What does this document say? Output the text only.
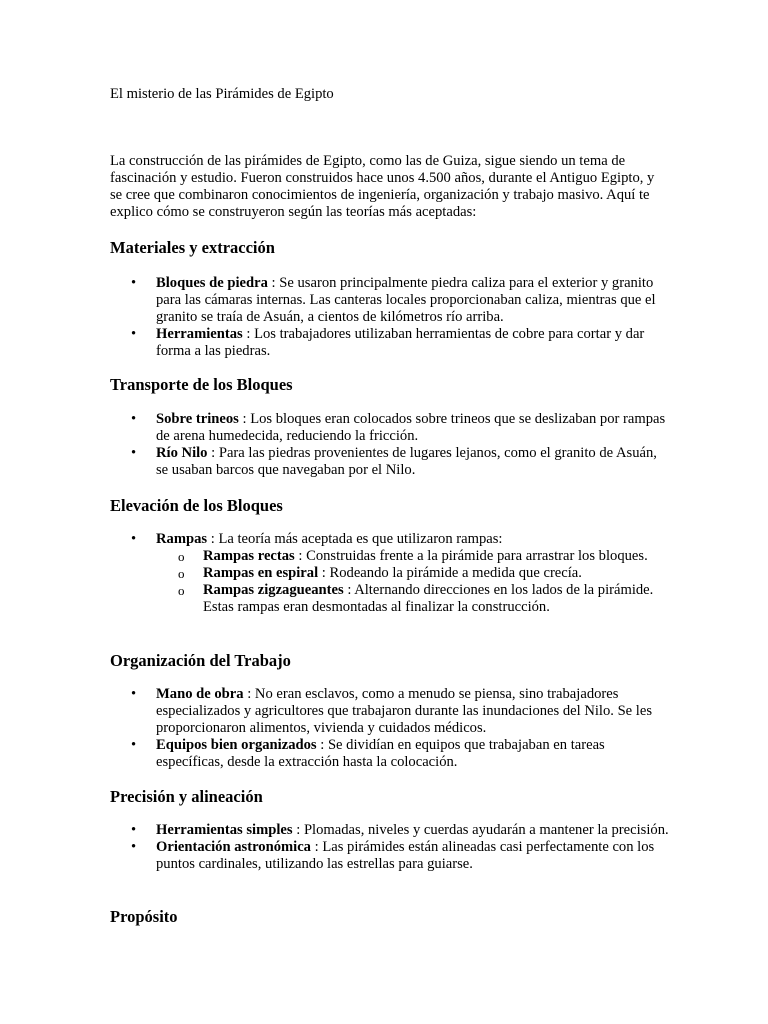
El misterio de las Pirámides de Egipto
La construcción de las pirámides de Egipto, como las de Guiza, sigue siendo un tema de fascinación y estudio. Fueron construidos hace unos 4.500 años, durante el Antiguo Egipto, y se cree que combinaron conocimientos de ingeniería, organización y trabajo masivo. Aquí te explico cómo se construyeron según las teorías más aceptadas:
Materiales y extracción
• Bloques de piedra : Se usaron principalmente piedra caliza para el exterior y granito para las cámaras internas. Las canteras locales proporcionaban caliza, mientras que el granito se traía de Asuán, a cientos de kilómetros río arriba.
• Herramientas : Los trabajadores utilizaban herramientas de cobre para cortar y dar forma a las piedras.
Transporte de los Bloques
• Sobre trineos : Los bloques eran colocados sobre trineos que se deslizaban por rampas de arena humedecida, reduciendo la fricción.
• Río Nilo : Para las piedras provenientes de lugares lejanos, como el granito de Asuán, se usaban barcos que navegaban por el Nilo.
Elevación de los Bloques
• Rampas : La teoría más aceptada es que utilizaron rampas:
o Rampas rectas : Construidas frente a la pirámide para arrastrar los bloques.
o Rampas en espiral : Rodeando la pirámide a medida que crecía.
o Rampas zigzagueantes : Alternando direcciones en los lados de la pirámide. Estas rampas eran desmontadas al finalizar la construcción.
Organización del Trabajo
• Mano de obra : No eran esclavos, como a menudo se piensa, sino trabajadores especializados y agricultores que trabajaron durante las inundaciones del Nilo. Se les proporcionaron alimentos, vivienda y cuidados médicos.
• Equipos bien organizados : Se dividían en equipos que trabajaban en tareas específicas, desde la extracción hasta la colocación.
Precisión y alineación
• Herramientas simples : Plomadas, niveles y cuerdas ayudarán a mantener la precisión.
• Orientación astronómica : Las pirámides están alineadas casi perfectamente con los puntos cardinales, utilizando las estrellas para guiarse.
Propósito
